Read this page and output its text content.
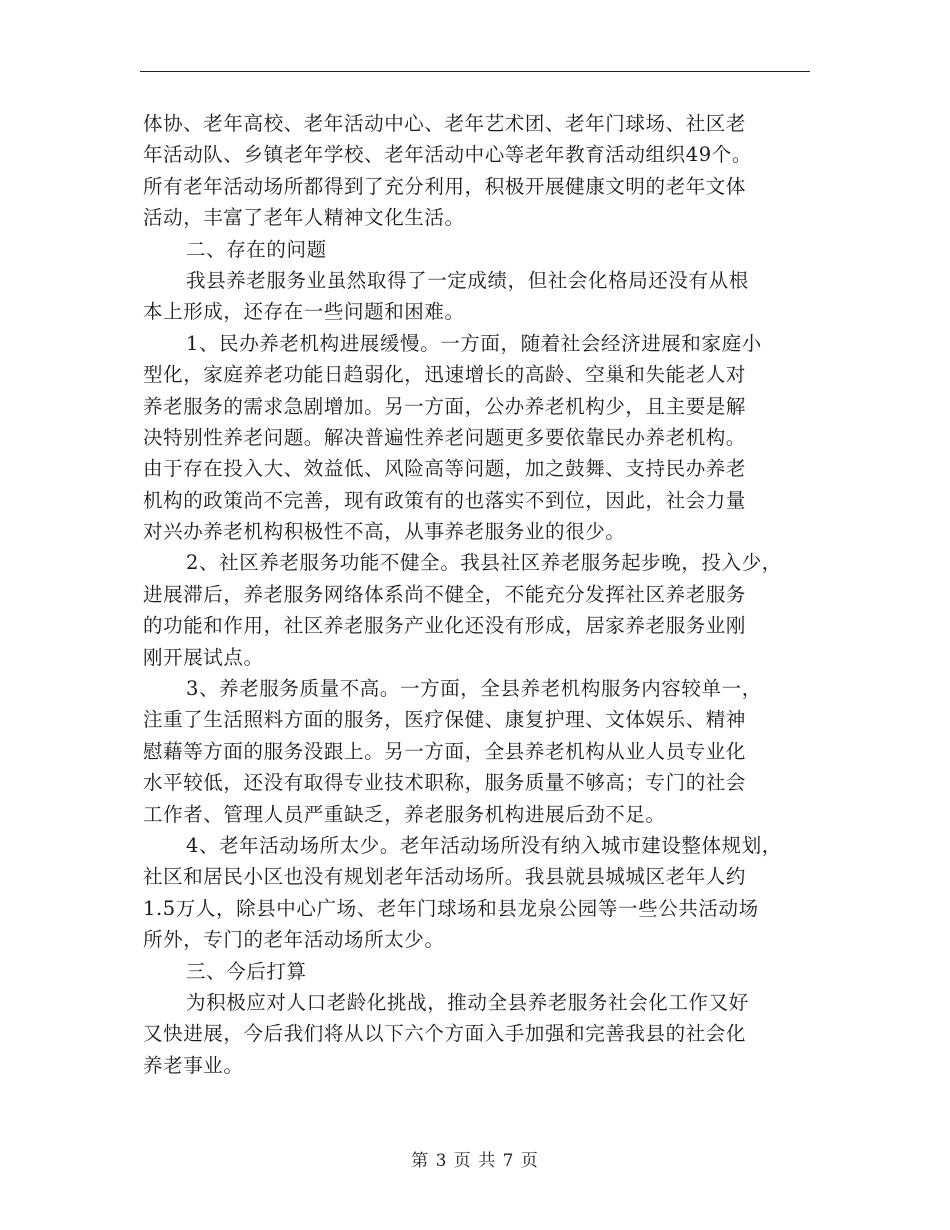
体协、老年高校、老年活动中心、老年艺术团、老年门球场、社区老
年活动队、乡镇老年学校、老年活动中心等老年教育活动组织49个。
所有老年活动场所都得到了充分利用，积极开展健康文明的老年文体
活动，丰富了老年人精神文化生活。
二、存在的问题
我县养老服务业虽然取得了一定成绩，但社会化格局还没有从根
本上形成，还存在一些问题和困难。
1、民办养老机构进展缓慢。一方面，随着社会经济进展和家庭小
型化，家庭养老功能日趋弱化，迅速增长的高龄、空巢和失能老人对
养老服务的需求急剧增加。另一方面，公办养老机构少，且主要是解
决特别性养老问题。解决普遍性养老问题更多要依靠民办养老机构。
由于存在投入大、效益低、风险高等问题，加之鼓舞、支持民办养老
机构的政策尚不完善，现有政策有的也落实不到位，因此，社会力量
对兴办养老机构积极性不高，从事养老服务业的很少。
2、社区养老服务功能不健全。我县社区养老服务起步晚，投入少，
进展滞后，养老服务网络体系尚不健全，不能充分发挥社区养老服务
的功能和作用，社区养老服务产业化还没有形成，居家养老服务业刚
刚开展试点。
3、养老服务质量不高。一方面，全县养老机构服务内容较单一，
注重了生活照料方面的服务，医疗保健、康复护理、文体娱乐、精神
慰藉等方面的服务没跟上。另一方面，全县养老机构从业人员专业化
水平较低，还没有取得专业技术职称，服务质量不够高；专门的社会
工作者、管理人员严重缺乏，养老服务机构进展后劲不足。
4、老年活动场所太少。老年活动场所没有纳入城市建设整体规划，
社区和居民小区也没有规划老年活动场所。我县就县城城区老年人约
1.5万人，除县中心广场、老年门球场和县龙泉公园等一些公共活动场
所外，专门的老年活动场所太少。
三、今后打算
为积极应对人口老龄化挑战，推动全县养老服务社会化工作又好
又快进展，今后我们将从以下六个方面入手加强和完善我县的社会化
养老事业。
第 3 页 共 7 页
